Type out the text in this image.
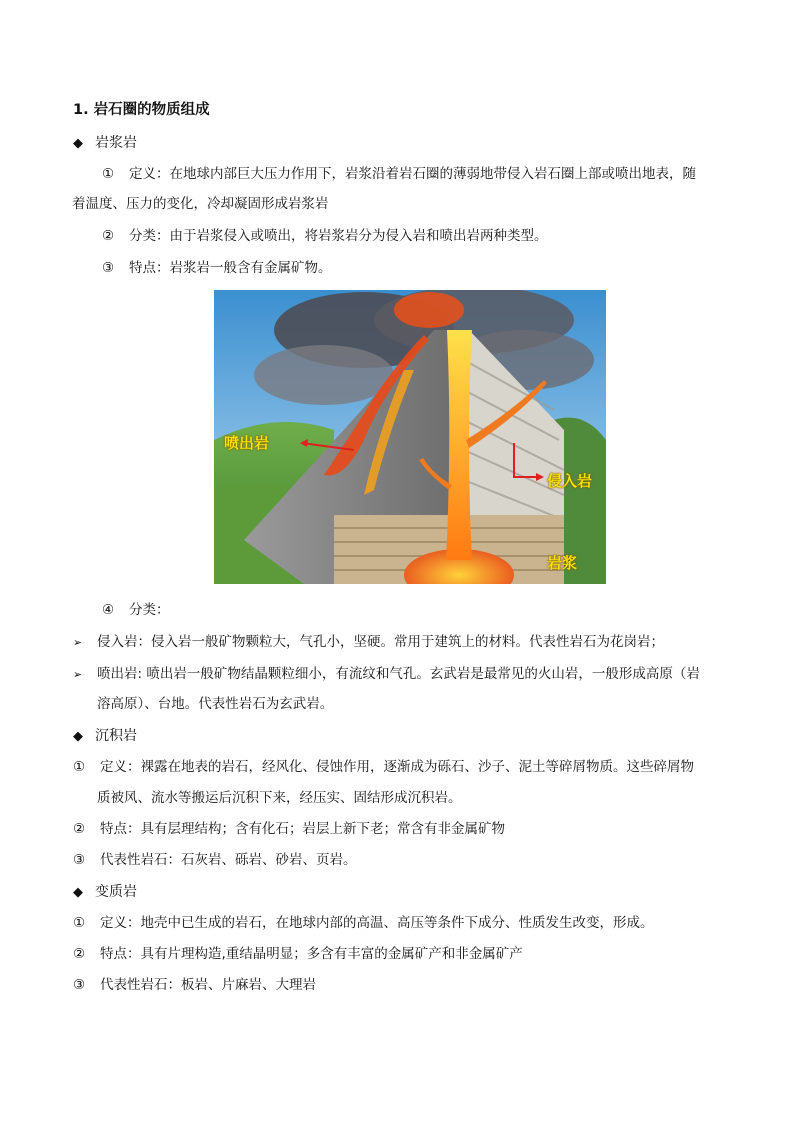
1. 岩石圈的物质组成
◆ 岩浆岩
① 定义：在地球内部巨大压力作用下，岩浆沿着岩石圈的薄弱地带侵入岩石圈上部或喷出地表，随
着温度、压力的变化，冷却凝固形成岩浆岩
② 分类：由于岩浆侵入或喷出，将岩浆岩分为侵入岩和喷出岩两种类型。
③ 特点：岩浆岩一般含有金属矿物。
喷出岩
侵入岩
岩浆
④ 分类：
➢ 侵入岩：侵入岩一般矿物颗粒大，气孔小，坚硬。常用于建筑上的材料。代表性岩石为花岗岩；
➢ 喷出岩: 喷出岩一般矿物结晶颗粒细小，有流纹和气孔。玄武岩是最常见的火山岩，一般形成高原（岩
溶高原）、台地。代表性岩石为玄武岩。
◆ 沉积岩
① 定义：裸露在地表的岩石，经风化、侵蚀作用，逐渐成为砾石、沙子、泥土等碎屑物质。这些碎屑物
质被风、流水等搬运后沉积下来，经压实、固结形成沉积岩。
② 特点：具有层理结构；含有化石；岩层上新下老；常含有非金属矿物
③ 代表性岩石：石灰岩、砾岩、砂岩、页岩。
◆ 变质岩
① 定义：地壳中已生成的岩石，在地球内部的高温、高压等条件下成分、性质发生改变，形成。
② 特点：具有片理构造,重结晶明显；多含有丰富的金属矿产和非金属矿产
③ 代表性岩石：板岩、片麻岩、大理岩
